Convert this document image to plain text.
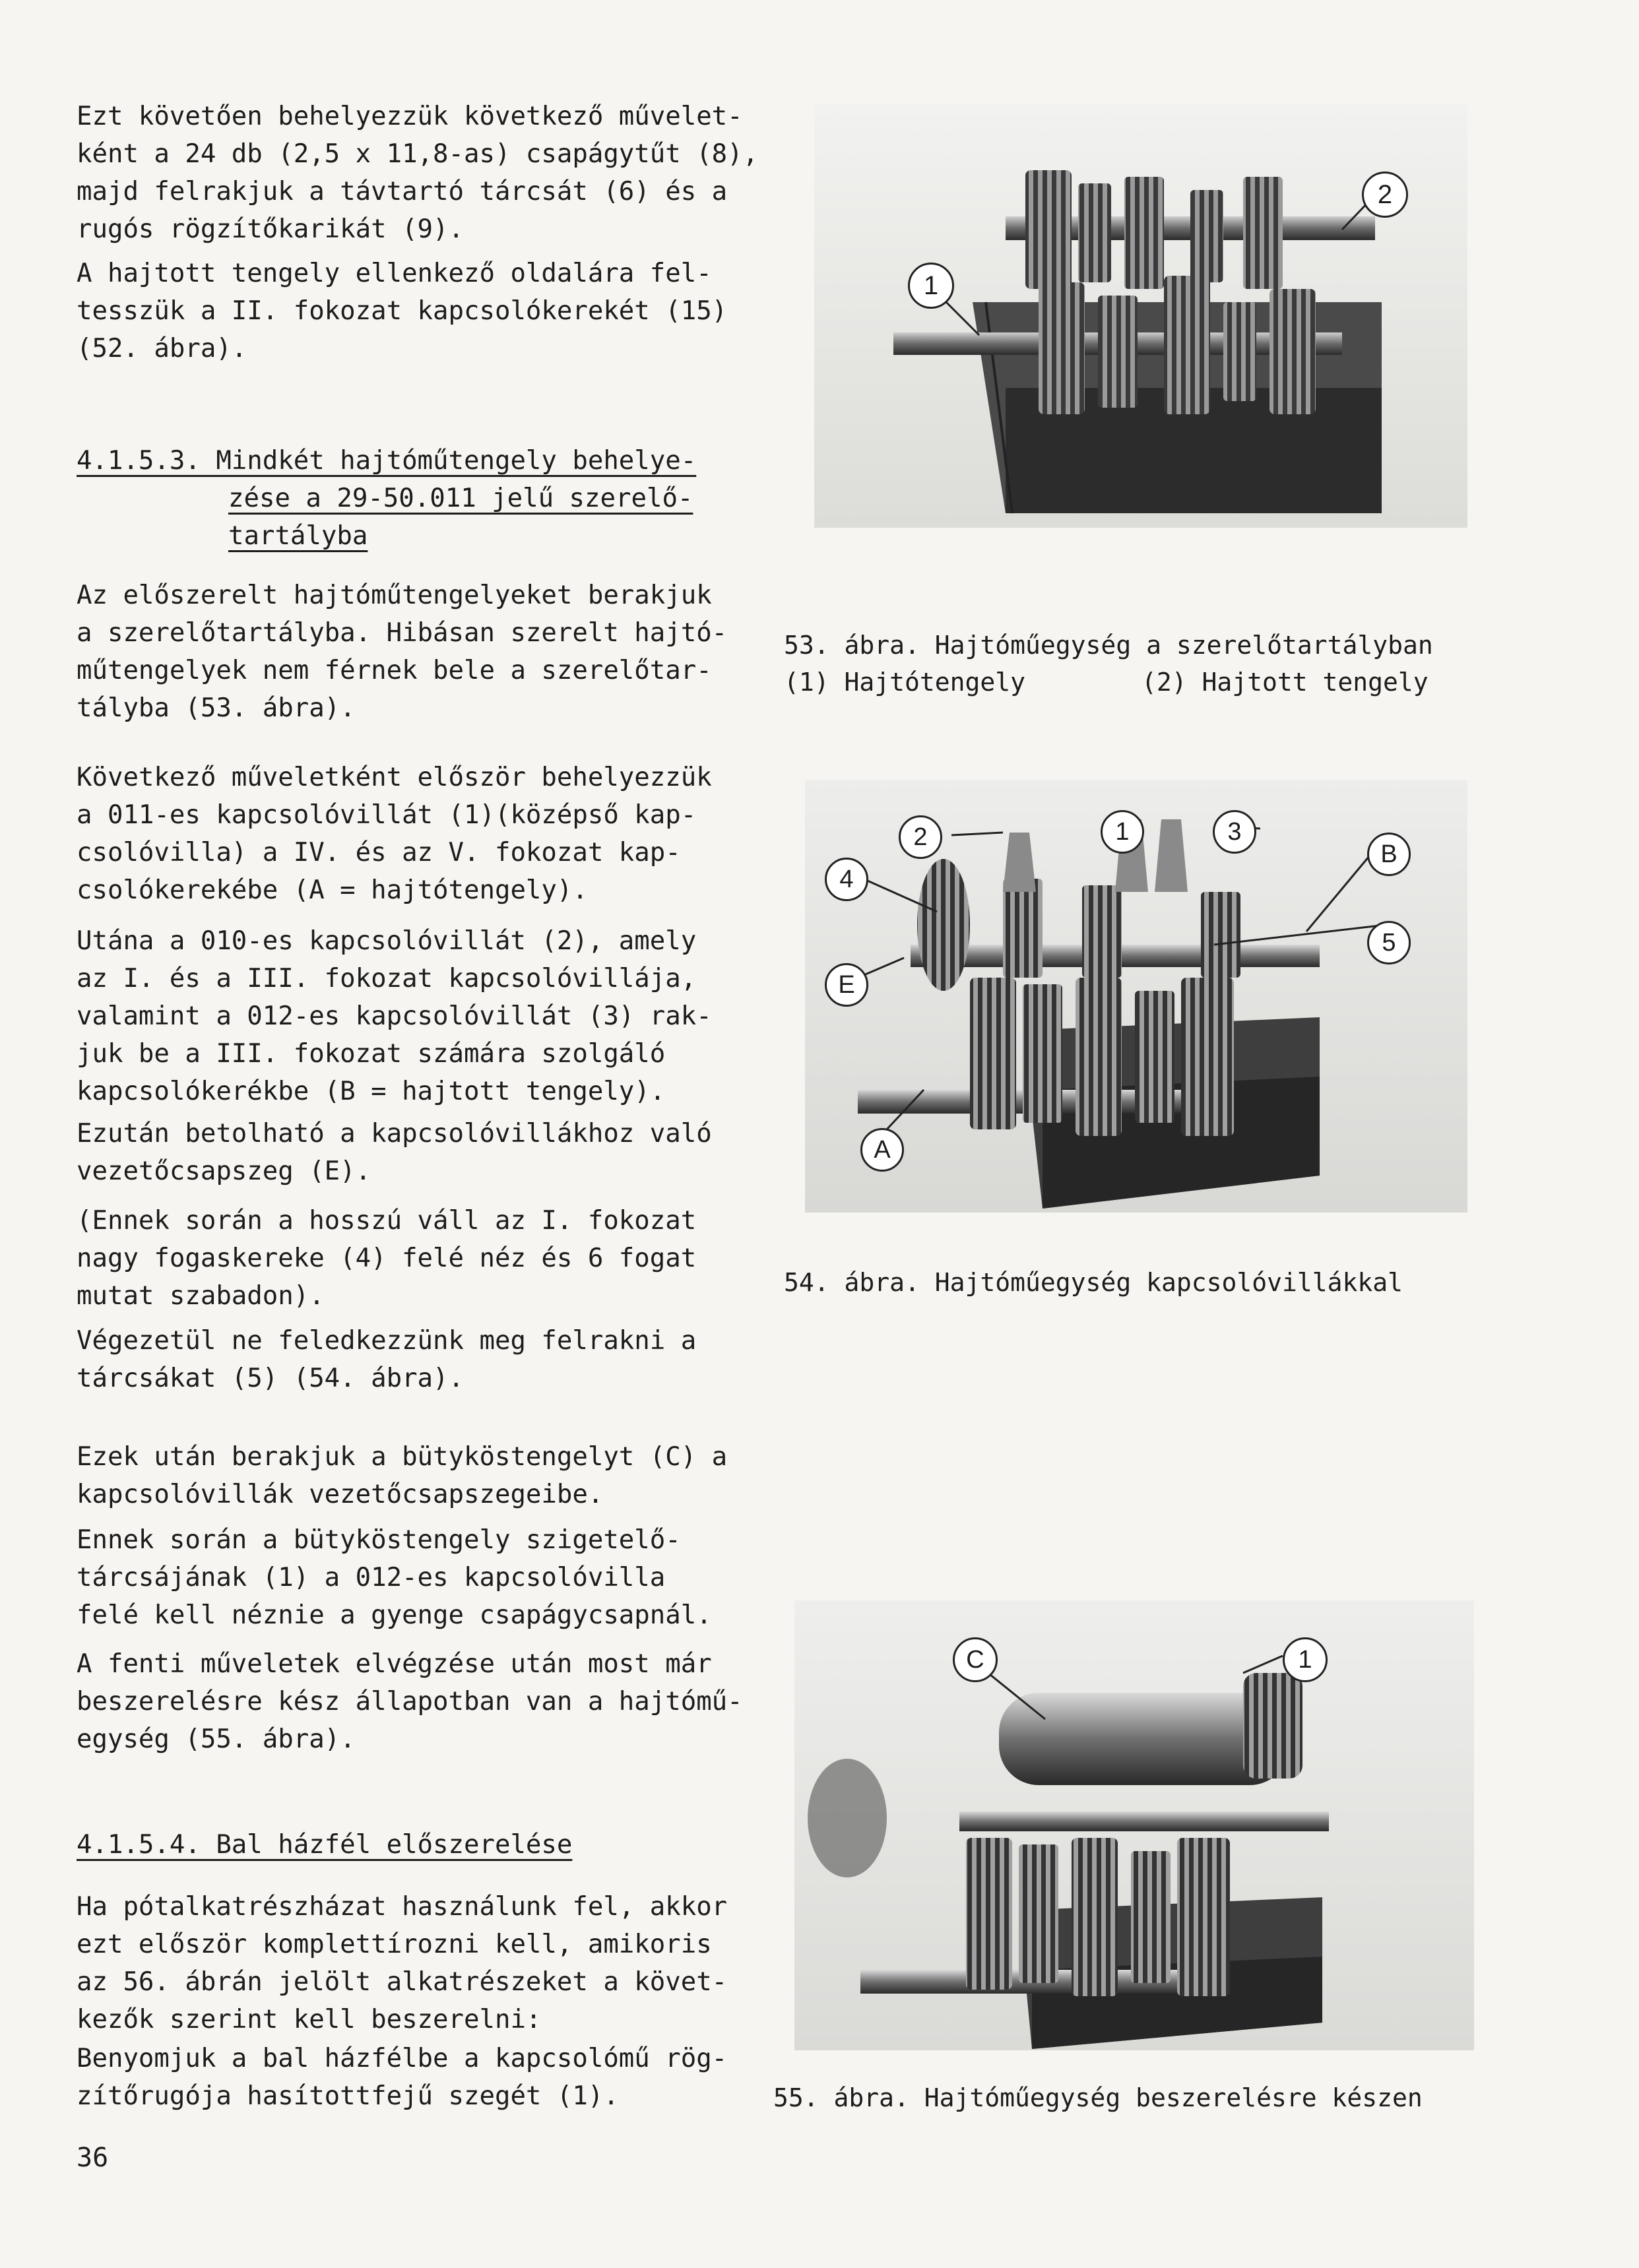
Ezt követően behelyezzük következő művelet-
ként a 24 db (2,5 x 11,8-as) csapágytűt (8),
majd felrakjuk a távtartó tárcsát (6) és a
rugós rögzítőkarikát (9).

A hajtott tengely ellenkező oldalára fel-
tesszük a II. fokozat kapcsolókerekét (15)
(52. ábra).

4.1.5.3. Mindkét hajtóműtengely behelye-
zése a 29-50.011 jelű szerelő-
tartályba

Az előszerelt hajtóműtengelyeket berakjuk
a szerelőtartályba. Hibásan szerelt hajtó-
műtengelyek nem férnek bele a szerelőtar-
tályba (53. ábra).

Következő műveletként először behelyezzük
a 011-es kapcsolóvillát (1)(középső kap-
csolóvilla) a IV. és az V. fokozat kap-
csolókerekébe (A = hajtótengely).

Utána a 010-es kapcsolóvillát (2), amely
az I. és a III. fokozat kapcsolóvillája,
valamint a 012-es kapcsolóvillát (3) rak-
juk be a III. fokozat számára szolgáló
kapcsolókerékbe (B = hajtott tengely).

Ezután betolható a kapcsolóvillákhoz való
vezetőcsapszeg (E).

(Ennek során a hosszú váll az I. fokozat
nagy fogaskereke (4) felé néz és 6 fogat
mutat szabadon).

Végezetül ne feledkezzünk meg felrakni a
tárcsákat (5) (54. ábra).

Ezek után berakjuk a bütyköstengelyt (C) a
kapcsolóvillák vezetőcsapszegeibe.

Ennek során a bütyköstengely szigetelő-
tárcsájának (1) a 012-es kapcsolóvilla
felé kell néznie a gyenge csapágycsapnál.

A fenti műveletek elvégzése után most már
beszerelésre kész állapotban van a hajtómű-
egység (55. ábra).

4.1.5.4. Bal házfél előszerelése

Ha pótalkatrészházat használunk fel, akkor
ezt először komplettírozni kell, amikoris
az 56. ábrán jelölt alkatrészeket a követ-
kezők szerint kell beszerelni:

Benyomjuk a bal házfélbe a kapcsolómű rög-
zítőrugója hasítottfejű szegét (1).

36
1
2
53. ábra. Hajtóműegység a szerelőtartályban
(1) Hajtótengely	(2) Hajtott tengely
2	1	3
B
4
5
E
A
54. ábra. Hajtóműegység kapcsolóvillákkal
C	1
55. ábra. Hajtóműegység beszerelésre készen
